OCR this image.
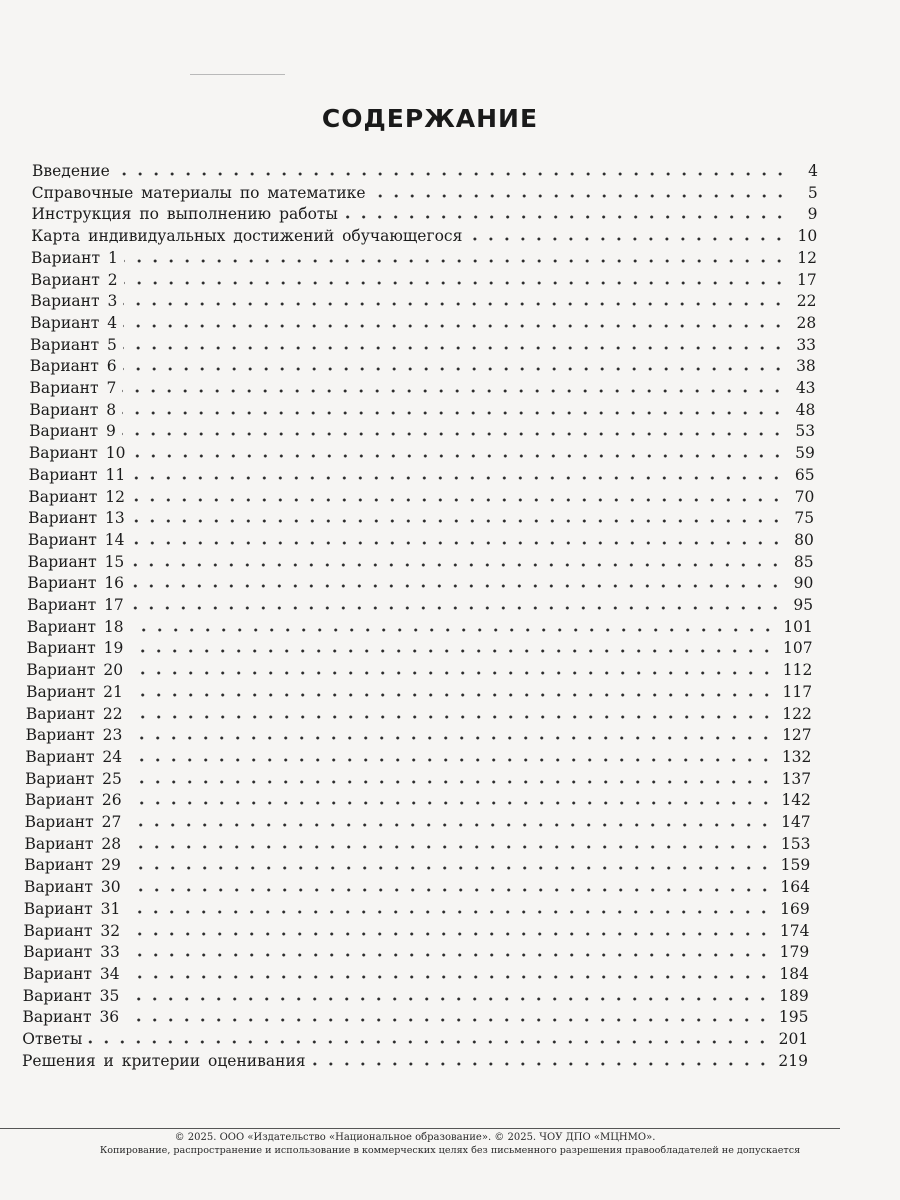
СОДЕРЖАНИЕ
Введение	4
Справочные материалы по математике	5
Инструкция по выполнению работы	9
Карта индивидуальных достижений обучающегося	10
Вариант 1	12
Вариант 2	17
Вариант 3	22
Вариант 4	28
Вариант 5	33
Вариант 6	38
Вариант 7	43
Вариант 8	48
Вариант 9	53
Вариант 10	59
Вариант 11	65
Вариант 12	70
Вариант 13	75
Вариант 14	80
Вариант 15	85
Вариант 16	90
Вариант 17	95
Вариант 18	101
Вариант 19	107
Вариант 20	112
Вариант 21	117
Вариант 22	122
Вариант 23	127
Вариант 24	132
Вариант 25	137
Вариант 26	142
Вариант 27	147
Вариант 28	153
Вариант 29	159
Вариант 30	164
Вариант 31	169
Вариант 32	174
Вариант 33	179
Вариант 34	184
Вариант 35	189
Вариант 36	195
Ответы	201
Решения и критерии оценивания	219
© 2025. ООО «Издательство «Национальное образование». © 2025. ЧОУ ДПО «МЦНМО».
Копирование, распространение и использование в коммерческих целях без письменного разрешения правообладателей не допускается
